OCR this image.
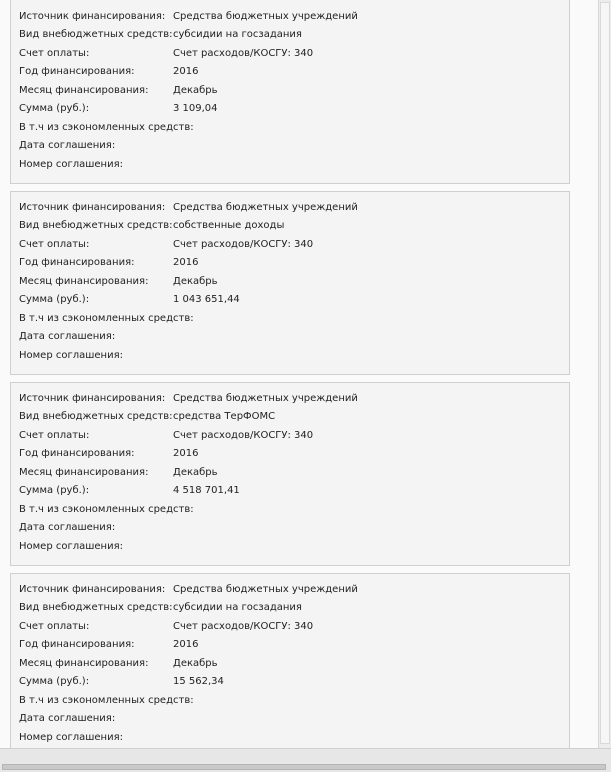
Источник финансирования: Средства бюджетных учреждений
Вид внебюджетных средств: субсидии на госзадания
Счет оплаты:	Счет расходов/КОСГУ: 340
Год финансирования:	2016
Месяц финансирования: Декабрь
Сумма (руб.):	3 109,04
В т.ч из сэкономленных средств:
Дата соглашения:
Номер соглашения:
Источник финансирования: Средства бюджетных учреждений
Вид внебюджетных средств: собственные доходы
Счет оплаты:	Счет расходов/КОСГУ: 340
Год финансирования:	2016
Месяц финансирования: Декабрь
Сумма (руб.):	1 043 651,44
В т.ч из сэкономленных средств:
Дата соглашения:
Номер соглашения:
Источник финансирования: Средства бюджетных учреждений
Вид внебюджетных средств: средства ТерФОМС
Счет оплаты:	Счет расходов/КОСГУ: 340
Год финансирования:	2016
Месяц финансирования: Декабрь
Сумма (руб.):	4 518 701,41
В т.ч из сэкономленных средств:
Дата соглашения:
Номер соглашения:
Источник финансирования: Средства бюджетных учреждений
Вид внебюджетных средств: субсидии на госзадания
Счет оплаты:	Счет расходов/КОСГУ: 340
Год финансирования:	2016
Месяц финансирования: Декабрь
Сумма (руб.):	15 562,34
В т.ч из сэкономленных средств:
Дата соглашения:
Номер соглашения:
